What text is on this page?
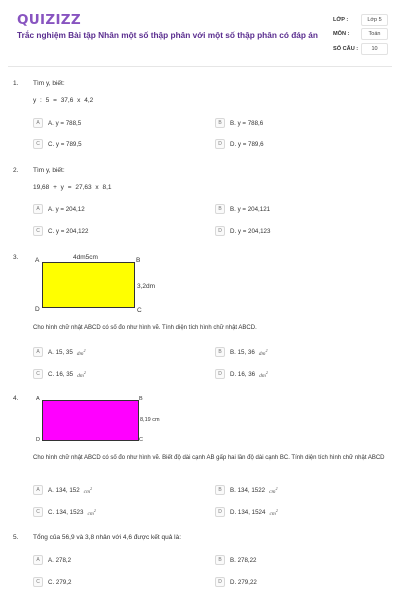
QUIZIZZ
Trắc nghiệm Bài tập Nhân một số thập phân với một số thập phân có đáp án
LỚP :	Lớp 5
MÔN :	Toán
SỐ CÂU :	10
1. Tìm y, biết:
y : 5 = 37,6 x 4,2
A	A. y = 788,5	B	B. y = 788,6
C	C. y = 789,5	D	D. y = 789,6
2. Tìm y, biết:
19,68 + y = 27,63 x 8,1
A	A. y = 204,12	B	B. y = 204,121
C	C. y = 204,122	D	D. y = 204,123
3.	A	4dm5cm	B
3,2dm
D	C
Cho hình chữ nhật ABCD có số đo như hình vẽ. Tính diện tích hình chữ nhật ABCD.
A	A. 15, 35 $dm^2$	B	B. 15, 36 $dm^2$
C	C. 16, 35 $dm^2$	D	D. 16, 36 $dm^2$
4.	A	B
8,19 cm
D	C
Cho hình chữ nhật ABCD có số đo như hình vẽ. Biết độ dài cạnh AB gấp hai lần độ dài cạnh BC. Tính diện tích hình chữ nhật ABCD
A	A. 134, 152 $cm^2$	B	B. 134, 1522 $cm^2$
C	C. 134, 1523 $cm^2$	D	D. 134, 1524 $cm^2$
5. Tổng của 56,9 và 3,8 nhân với 4,6 được kết quả là:
A	A. 278,2	B	B. 278,22
C	C. 279,2	D	D. 279,22
